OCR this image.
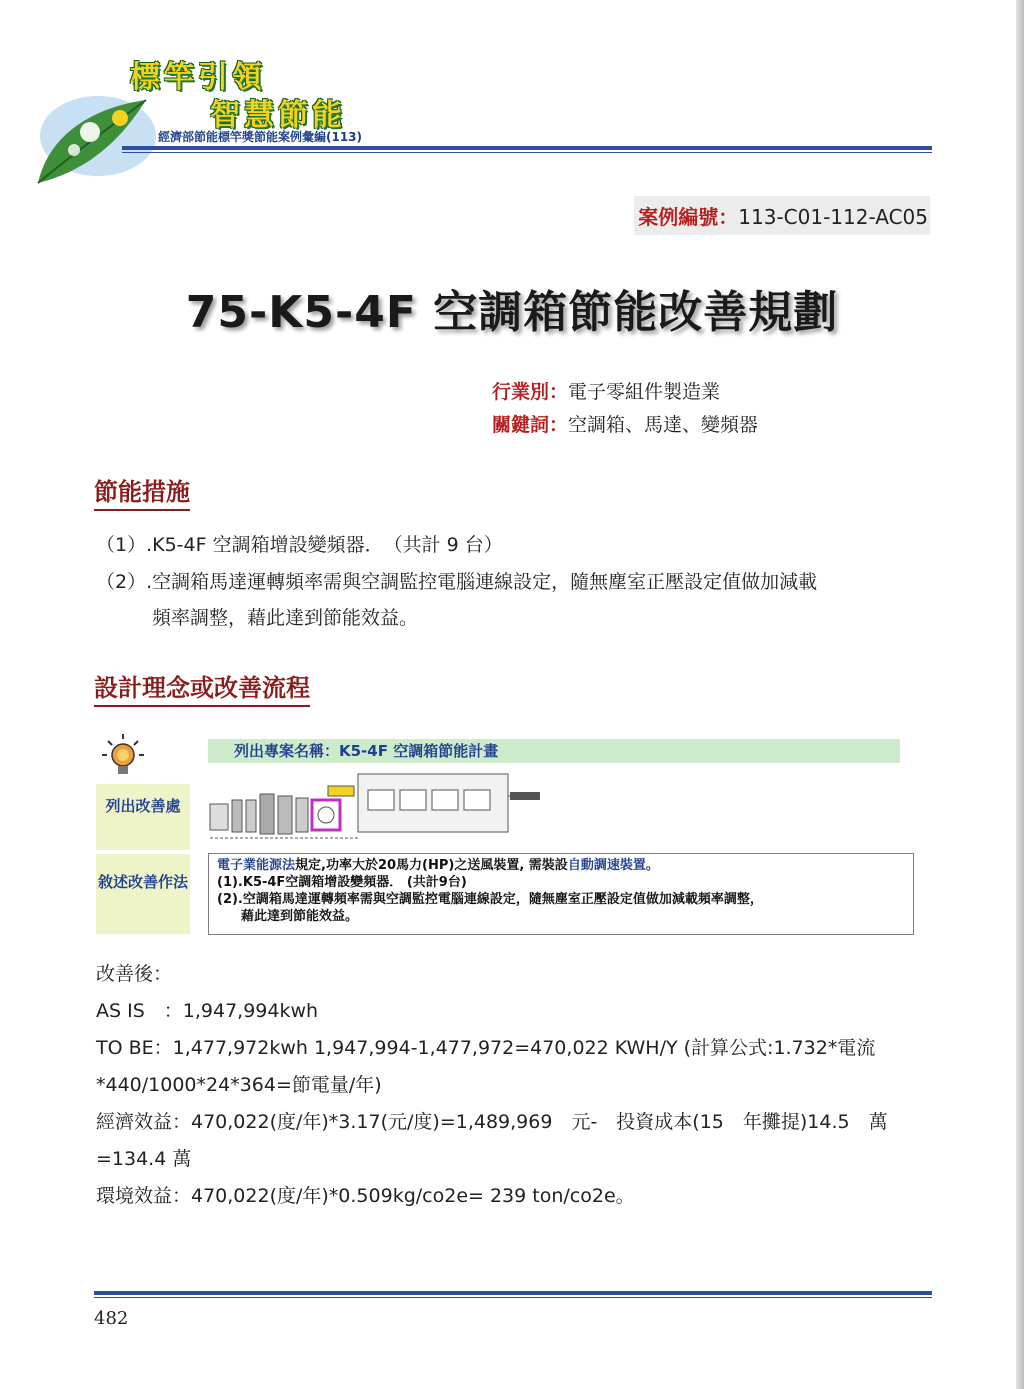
標竿引領
智慧節能
經濟部節能標竿獎節能案例彙編(113)
案例編號：113-C01-112-AC05
75-K5-4F 空調箱節能改善規劃
行業別：電子零組件製造業
關鍵詞：空調箱、馬達、變頻器
節能措施
（1）.K5-4F 空調箱增設變頻器．　（共計 9 台）
（2）.空調箱馬達運轉頻率需與空調監控電腦連線設定，隨無塵室正壓設定值做加減載
頻率調整，藉此達到節能效益。
設計理念或改善流程
列出改善處
敘述改善作法
列出專案名稱：K5-4F 空調箱節能計畫
電子業能源法規定,功率大於20馬力(HP)之送風裝置, 需裝設自動調速裝置。
(1).K5-4F空調箱增設變頻器． (共計9台)
(2).空調箱馬達運轉頻率需與空調監控電腦連線設定，隨無塵室正壓設定值做加減載頻率調整，
藉此達到節能效益。
改善後：
AS IS　：1,947,994kwh
TO BE：1,477,972kwh 1,947,994-1,477,972=470,022 KWH/Y (計算公式:1.732*電流
*440/1000*24*364=節電量/年)
經濟效益：470,022(度/年)*3.17(元/度)=1,489,969　元-　投資成本(15　年攤提)14.5　萬
=134.4 萬
環境效益：470,022(度/年)*0.509kg/co2e= 239 ton/co2e。
482
